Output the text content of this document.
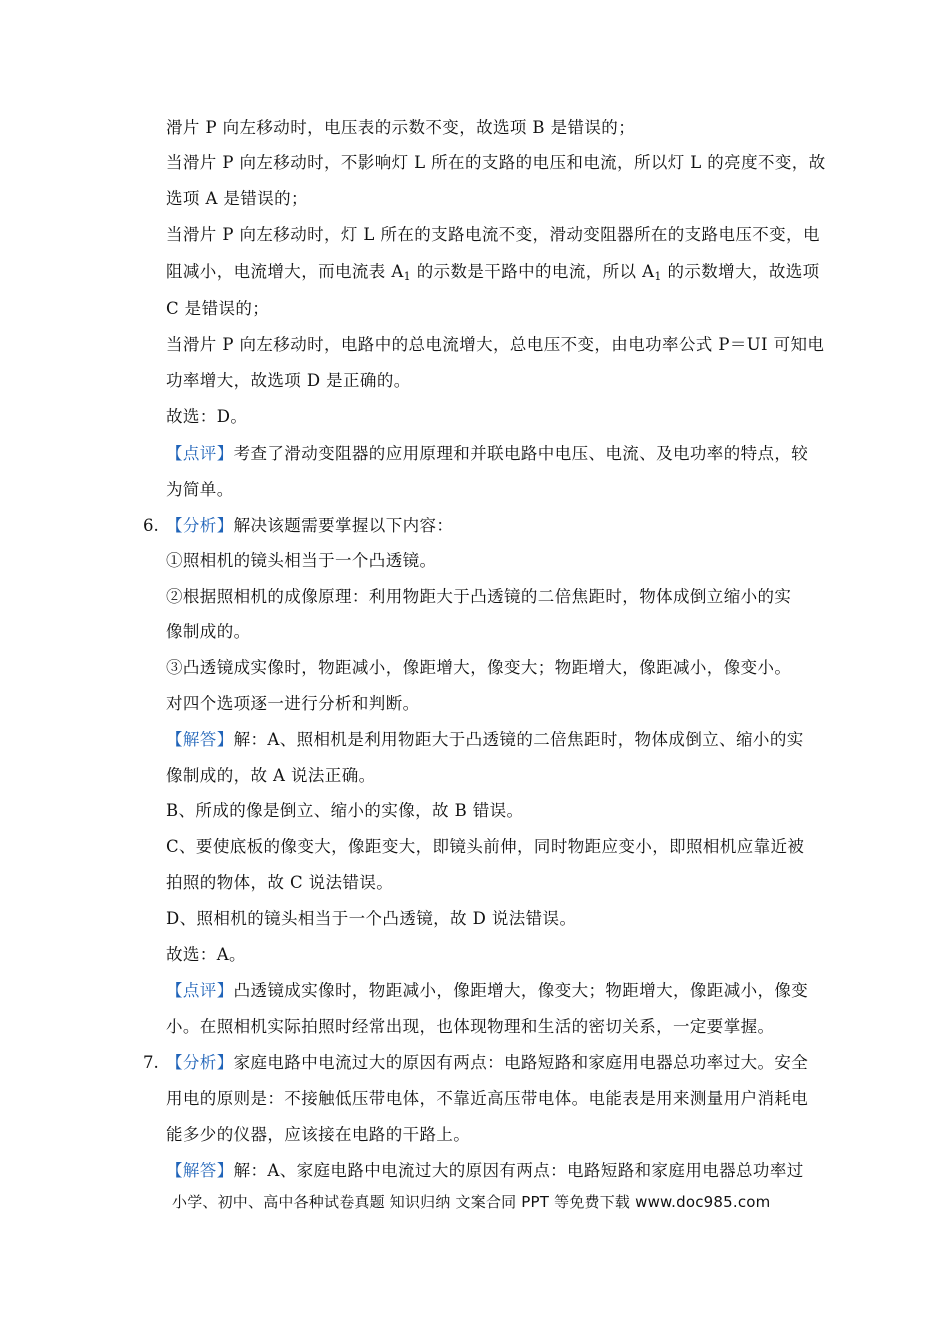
滑片 P 向左移动时，电压表的示数不变，故选项 B 是错误的；
当滑片 P 向左移动时，不影响灯 L 所在的支路的电压和电流，所以灯 L 的亮度不变，故
选项 A 是错误的；
当滑片 P 向左移动时，灯 L 所在的支路电流不变，滑动变阻器所在的支路电压不变，电
阻减小，电流增大，而电流表 $A_1$ 的示数是干路中的电流，所以 $A_1$ 的示数增大，故选项
C 是错误的；
当滑片 P 向左移动时，电路中的总电流增大，总电压不变，由电功率公式 P＝UI 可知电
功率增大，故选项 D 是正确的。
故选：D。
【点评】考查了滑动变阻器的应用原理和并联电路中电压、电流、及电功率的特点，较
为简单。
6. 【分析】解决该题需要掌握以下内容：
①照相机的镜头相当于一个凸透镜。
②根据照相机的成像原理：利用物距大于凸透镜的二倍焦距时，物体成倒立缩小的实
像制成的。
③凸透镜成实像时，物距减小，像距增大，像变大；物距增大，像距减小，像变小。
对四个选项逐一进行分析和判断。
【解答】解：A、照相机是利用物距大于凸透镜的二倍焦距时，物体成倒立、缩小的实
像制成的，故 A 说法正确。
B、所成的像是倒立、缩小的实像，故 B 错误。
C、要使底板的像变大，像距变大，即镜头前伸，同时物距应变小，即照相机应靠近被
拍照的物体，故 C 说法错误。
D、照相机的镜头相当于一个凸透镜，故 D 说法错误。
故选：A。
【点评】凸透镜成实像时，物距减小，像距增大，像变大；物距增大，像距减小，像变
小。在照相机实际拍照时经常出现，也体现物理和生活的密切关系，一定要掌握。
7. 【分析】家庭电路中电流过大的原因有两点：电路短路和家庭用电器总功率过大。安全
用电的原则是：不接触低压带电体，不靠近高压带电体。电能表是用来测量用户消耗电
能多少的仪器，应该接在电路的干路上。
【解答】解：A、家庭电路中电流过大的原因有两点：电路短路和家庭用电器总功率过
小学、初中、高中各种试卷真题 知识归纳 文案合同 PPT 等免费下载 www.doc985.com
